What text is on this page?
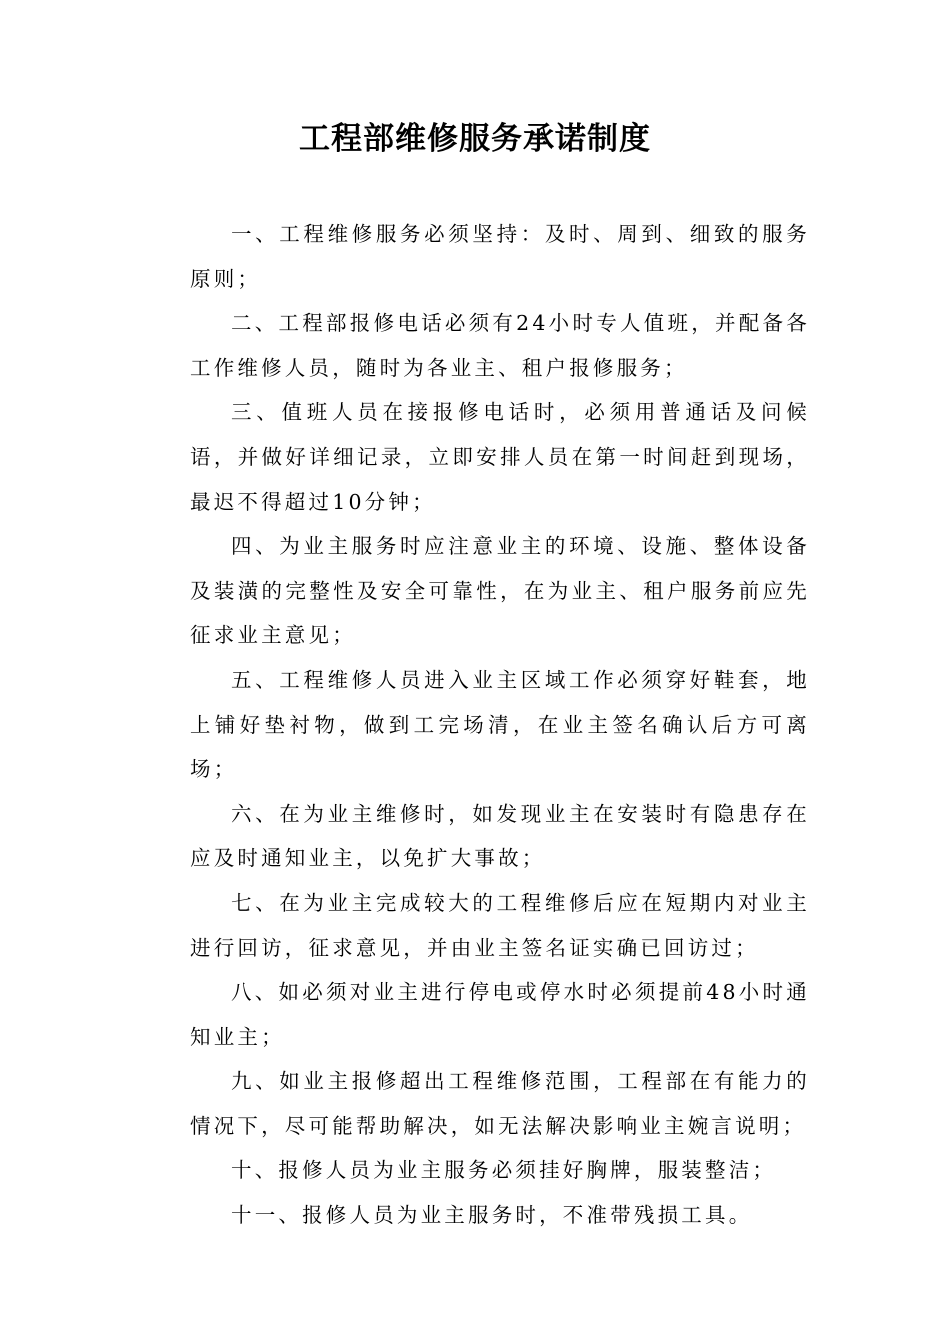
工程部维修服务承诺制度

一、工程维修服务必须坚持：及时、周到、细致的服务原则；

二、工程部报修电话必须有24小时专人值班，并配备各工作维修人员，随时为各业主、租户报修服务；

三、值班人员在接报修电话时，必须用普通话及问候语，并做好详细记录，立即安排人员在第一时间赶到现场，最迟不得超过10分钟；

四、为业主服务时应注意业主的环境、设施、整体设备及装潢的完整性及安全可靠性，在为业主、租户服务前应先征求业主意见；

五、工程维修人员进入业主区域工作必须穿好鞋套，地上铺好垫衬物，做到工完场清，在业主签名确认后方可离场；

六、在为业主维修时，如发现业主在安装时有隐患存在应及时通知业主，以免扩大事故；

七、在为业主完成较大的工程维修后应在短期内对业主进行回访，征求意见，并由业主签名证实确已回访过；

八、如必须对业主进行停电或停水时必须提前48小时通知业主；

九、如业主报修超出工程维修范围，工程部在有能力的情况下，尽可能帮助解决，如无法解决影响业主婉言说明；

十、报修人员为业主服务必须挂好胸牌，服装整洁；

十一、报修人员为业主服务时，不准带残损工具。
